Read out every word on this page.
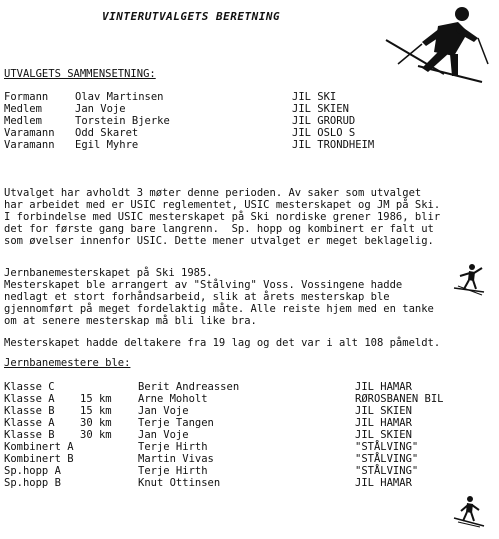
VINTERUTVALGETS BERETNING
UTVALGETS SAMMENSETNING:
Formann	Olav Martinsen	JIL SKI
Medlem	Jan Voje	JIL SKIEN
Medlem	Torstein Bjerke	JIL GRORUD
Varamann Odd Skaret	JIL OSLO S
Varamann Egil Myhre	JIL TRONDHEIM
Utvalget har avholdt 3 møter denne perioden. Av saker som utvalget
har arbeidet med er USIC reglementet, USIC mesterskapet og JM på Ski.
I forbindelse med USIC mesterskapet på Ski nordiske grener 1986, blir
det for første gang bare langrenn.  Sp. hopp og kombinert er falt ut
som øvelser innenfor USIC. Dette mener utvalget er meget beklagelig.
Jernbanemesterskapet på Ski 1985.
Mesterskapet ble arrangert av "Stålving" Voss. Vossingene hadde
nedlagt et stort forhåndsarbeid, slik at årets mesterskap ble
gjennomført på meget fordelaktig måte. Alle reiste hjem med en tanke
om at senere mesterskap må bli like bra.
Mesterskapet hadde deltakere fra 19 lag og det var i alt 108 påmeldt.
Jernbanemestere ble:
Klasse C	Berit Andreassen	JIL HAMAR
Klasse A 15 km	Arne Moholt	RØROSBANEN BIL
Klasse B 15 km	Jan Voje	JIL SKIEN
Klasse A 30 km	Terje Tangen	JIL HAMAR
Klasse B 30 km	Jan Voje	JIL SKIEN
Kombinert A	Terje Hirth	"STÅLVING"
Kombinert B	Martin Vivas	"STÅLVING"
Sp.hopp A	Terje Hirth	"STÅLVING"
Sp.hopp B	Knut Ottinsen	JIL HAMAR
